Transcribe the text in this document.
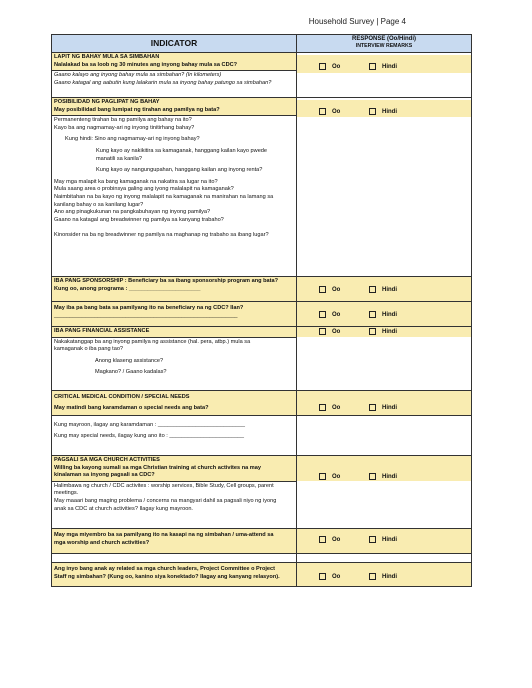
Household Survey | Page 4
INDICATOR	RESPONSE (Oo/Hindi)
INTERVIEW REMARKS
LAPIT NG BAHAY MULA SA SIMBAHAN
Nalalakad ba sa loob ng 30 minutes ang inyong bahay mula sa CDC?
Gaano kalayo ang inyong bahay mula sa simbahan? (In kilometers)
Gaano katagal ang aabutin kung lalakarin mula sa inyong bahay patungo sa simbahan?
Oo	Hindi
POSIBILIDAD NG PAGLIPAT NG BAHAY
May posibilidad bang lumipat ng tirahan ang pamilya ng bata?
Permanenteng tirahan ba ng pamilya ang bahay na ito?
Kayo ba ang nagmamay-ari ng inyong tinitirhang bahay?
Kung hindi: Sino ang nagmamay-ari ng inyong bahay?
Kung kayo ay nakikitira sa kamaganak, hanggang kailan kayo pwede
manatili sa kanila?
Kung kayo ay nangungupahan, hanggang kailan ang inyong renta?
May mga malapit ka bang kamaganak na nakatira sa lugar na ito?
Mula saang area o probinsya galing ang iyong malalapit na kamaganak?
Naimbitahan na ba kayo ng inyong malalapit na kamaganak na manirahan na lamang sa
kanilang bahay o sa kanilang lugar?
Ano ang pinagkukunan na pangkabuhayan ng inyong pamilya?
Gaano na katagal ang breadwinner ng pamilya sa kanyang trabaho?
Kinonsider na ba ng breadwinner ng pamilya na maghanap ng trabaho sa ibang lugar?
Oo	Hindi
IBA PANG SPONSORSHIP : Beneficiary ba sa ibang sponsorship program ang bata?
Kung oo, anong programa : _______________________	Oo	Hindi
May iba pa bang bata sa pamilyang ito na beneficiary na ng CDC? Ilan?
___________________________________________________________	Oo	Hindi
IBA PANG FINANCIAL ASSISTANCE
Nakakatanggap ba ang inyong pamilya ng assistance (hal. pera, atbp.) mula sa
kamaganak o iba pang tao?
Anong klaseng assistance?
Magkano? / Gaano kadalas?
Oo	Hindi
CRITICAL MEDICAL CONDITION / SPECIAL NEEDS
May matindi bang karamdaman o special needs ang bata?
Kung mayroon, ilagay ang karamdaman : ____________________________
Kung may special needs, ilagay kung ano ito : ________________________
Oo	Hindi
PAGSALI SA MGA CHURCH ACTIVITIES
Willing ba kayong sumali sa mga Christian training at church activites na may
kinalaman sa inyong pagsali sa CDC?
Halimbawa ng church / CDC activites : worship services, Bible Study, Cell groups, parent
meetings.
May maaari bang maging problema / concerns na mangyari dahil sa pagsali niyo ng iyong
anak sa CDC at church activities? Ilagay kung mayroon.
Oo	Hindi
May mga miyembro ba sa pamilyang ito na kasapi na ng simbahan / uma-attend sa
mga worship and church activities?
Oo	Hindi
Ang inyo bang anak ay related sa mga church leaders, Project Committee o Project
Staff ng simbahan? (Kung oo, kanino siya konektado? Ilagay ang kanyang relasyon).	Oo	Hindi
